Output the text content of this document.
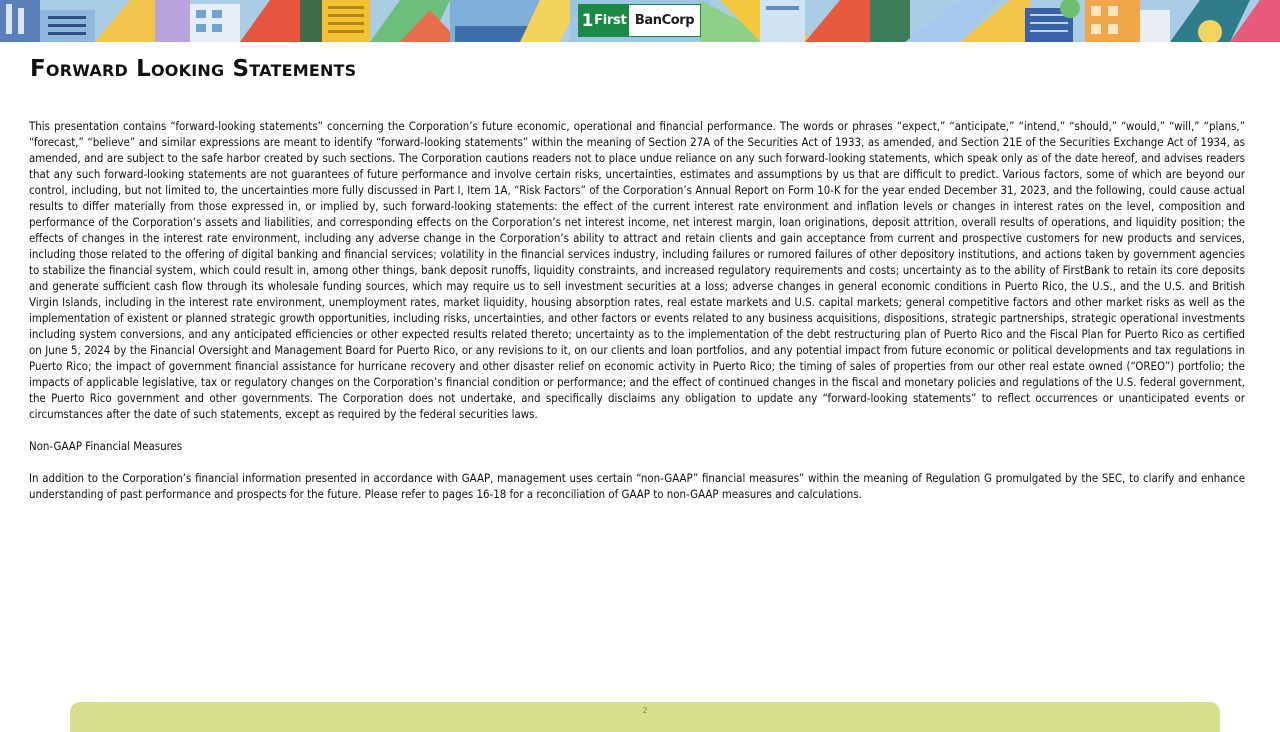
1 First BanCorp
Forward Looking Statements

This presentation contains “forward-looking statements” concerning the Corporation’s future economic, operational and financial performance. The words or phrases “expect,” “anticipate,” “intend,” “should,” “would,” “will,” “plans,” “forecast,” “believe” and similar expressions are meant to identify “forward-looking statements” within the meaning of Section 27A of the Securities Act of 1933, as amended, and Section 21E of the Securities Exchange Act of 1934, as amended, and are subject to the safe harbor created by such sections. The Corporation cautions readers not to place undue reliance on any such forward-looking statements, which speak only as of the date hereof, and advises readers that any such forward-looking statements are not guarantees of future performance and involve certain risks, uncertainties, estimates and assumptions by us that are difficult to predict. Various factors, some of which are beyond our control, including, but not limited to, the uncertainties more fully discussed in Part I, Item 1A, “Risk Factors” of the Corporation’s Annual Report on Form 10-K for the year ended December 31, 2023, and the following, could cause actual results to differ materially from those expressed in, or implied by, such forward-looking statements: the effect of the current interest rate environment and inflation levels or changes in interest rates on the level, composition and performance of the Corporation’s assets and liabilities, and corresponding effects on the Corporation’s net interest income, net interest margin, loan originations, deposit attrition, overall results of operations, and liquidity position; the effects of changes in the interest rate environment, including any adverse change in the Corporation’s ability to attract and retain clients and gain acceptance from current and prospective customers for new products and services, including those related to the offering of digital banking and financial services; volatility in the financial services industry, including failures or rumored failures of other depository institutions, and actions taken by government agencies to stabilize the financial system, which could result in, among other things, bank deposit runoffs, liquidity constraints, and increased regulatory requirements and costs; uncertainty as to the ability of FirstBank to retain its core deposits and generate sufficient cash flow through its wholesale funding sources, which may require us to sell investment securities at a loss; adverse changes in general economic conditions in Puerto Rico, the U.S., and the U.S. and British Virgin Islands, including in the interest rate environment, unemployment rates, market liquidity, housing absorption rates, real estate markets and U.S. capital markets; general competitive factors and other market risks as well as the implementation of existent or planned strategic growth opportunities, including risks, uncertainties, and other factors or events related to any business acquisitions, dispositions, strategic partnerships, strategic operational investments including system conversions, and any anticipated efficiencies or other expected results related thereto; uncertainty as to the implementation of the debt restructuring plan of Puerto Rico and the Fiscal Plan for Puerto Rico as certified on June 5, 2024 by the Financial Oversight and Management Board for Puerto Rico, or any revisions to it, on our clients and loan portfolios, and any potential impact from future economic or political developments and tax regulations in Puerto Rico; the impact of government financial assistance for hurricane recovery and other disaster relief on economic activity in Puerto Rico; the timing of sales of properties from our other real estate owned (“OREO”) portfolio; the impacts of applicable legislative, tax or regulatory changes on the Corporation’s financial condition or performance; and the effect of continued changes in the fiscal and monetary policies and regulations of the U.S. federal government, the Puerto Rico government and other governments. The Corporation does not undertake, and specifically disclaims any obligation to update any “forward-looking statements” to reflect occurrences or unanticipated events or circumstances after the date of such statements, except as required by the federal securities laws.

Non-GAAP Financial Measures

In addition to the Corporation’s financial information presented in accordance with GAAP, management uses certain “non-GAAP” financial measures” within the meaning of Regulation G promulgated by the SEC, to clarify and enhance understanding of past performance and prospects for the future. Please refer to pages 16-18 for a reconciliation of GAAP to non-GAAP measures and calculations.

2
